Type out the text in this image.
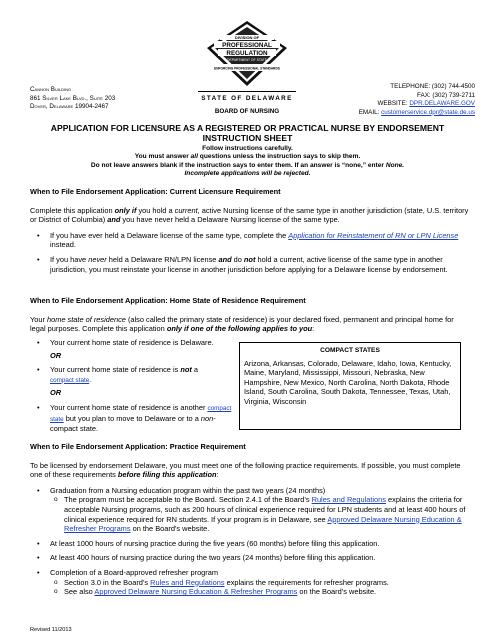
Cannon Building
861 Silver Lake Blvd., Suite 203
Dover, Delaware 19904-2467
DIVISION OF
PROFESSIONAL
REGULATION
DEPARTMENT OF STATE
ENFORCING PROFESSIONAL STANDARDS
STATE OF DELAWARE
BOARD OF NURSING
TELEPHONE: (302) 744-4500
FAX: (302) 739-2711
WEBSITE: DPR.DELAWARE.GOV
EMAIL: customerservice.dpr@state.de.us
APPLICATION FOR LICENSURE AS A REGISTERED OR PRACTICAL NURSE BY ENDORSEMENT
INSTRUCTION SHEET
Follow instructions carefully.
You must answer all questions unless the instruction says to skip them.
Do not leave answers blank if the instruction says to enter them. If an answer is “none,” enter None.
Incomplete applications will be rejected.
When to File Endorsement Application: Current Licensure Requirement
Complete this application only if you hold a current, active Nursing license of the same type in another jurisdiction (state, U.S. territory or District of Columbia) and you have never held a Delaware Nursing license of the same type.
• If you have ever held a Delaware license of the same type, complete the Application for Reinstatement of RN or LPN License instead.
• If you have never held a Delaware RN/LPN license and do not hold a current, active license of the same type in another jurisdiction, you must reinstate your license in another jurisdiction before applying for a Delaware license by endorsement.
When to File Endorsement Application: Home State of Residence Requirement
Your home state of residence (also called the primary state of residence) is your declared fixed, permanent and principal home for legal purposes. Complete this application only if one of the following applies to you:
• Your current home state of residence is Delaware.
OR
• Your current home state of residence is not a
compact state.
OR
• Your current home state of residence is another compact state but you plan to move to Delaware or to a non-compact state.
COMPACT STATES
Arizona, Arkansas, Colorado, Delaware, Idaho, Iowa, Kentucky, Maine, Maryland, Mississippi, Missouri, Nebraska, New Hampshire, New Mexico, North Carolina, North Dakota, Rhode Island, South Carolina, South Dakota, Tennessee, Texas, Utah, Virginia, Wisconsin
When to File Endorsement Application: Practice Requirement
To be licensed by endorsement Delaware, you must meet one of the following practice requirements. If possible, you must complete one of these requirements before filing this application:
• Graduation from a Nursing education program within the past two years (24 months)
o The program must be acceptable to the Board. Section 2.4.1 of the Board’s Rules and Regulations explains the criteria for acceptable Nursing programs, such as 200 hours of clinical experience required for LPN students and at least 400 hours of clinical experience required for RN students. If your program is in Delaware, see Approved Delaware Nursing Education & Refresher Programs on the Board’s website.
• At least 1000 hours of nursing practice during the five years (60 months) before filing this application.
• At least 400 hours of nursing practice during the two years (24 months) before filing this application.
• Completion of a Board-approved refresher program
o Section 3.0 in the Board’s Rules and Regulations explains the requirements for refresher programs.
o See also Approved Delaware Nursing Education & Refresher Programs on the Board’s website.
Revised 11/2013
